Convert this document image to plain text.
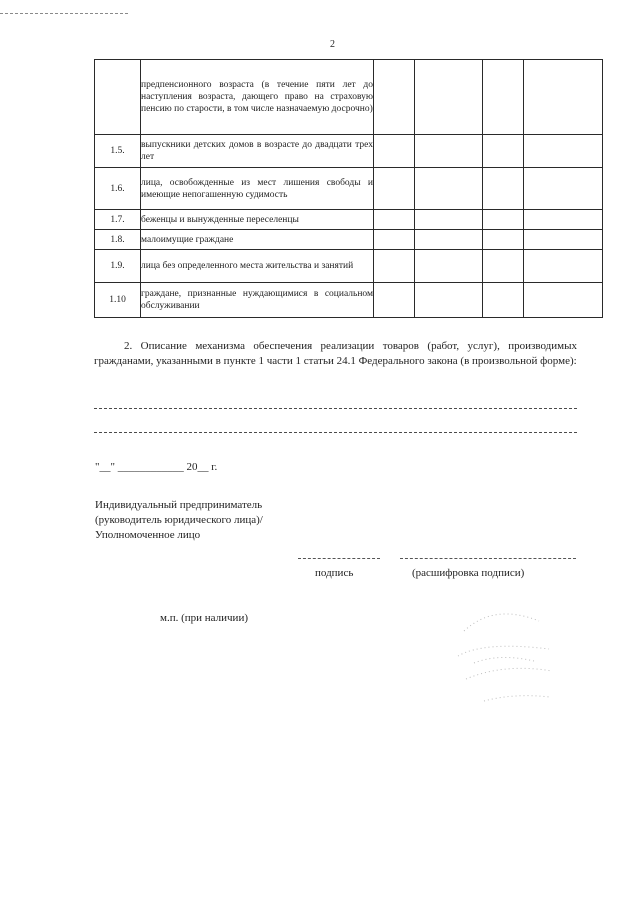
2
	предпенсионного возраста (в течение пяти лет до наступления возраста, дающего право на страховую пенсию по старости, в том числе назначаемую досрочно)				
1.5.	выпускники детских домов в возрасте до двадцати трех лет				
1.6.	лица, освобожденные из мест лишения свободы и имеющие непогашенную судимость				
1.7.	беженцы и вынужденные переселенцы				
1.8.	малоимущие граждане				
1.9.	лица без определенного места жительства и занятий				
1.10	граждане, признанные нуждающимися в социальном обслуживании				
2. Описание механизма обеспечения реализации товаров (работ, услуг), производимых гражданами, указанными в пункте 1 части 1 статьи 24.1 Федерального закона (в произвольной форме):
"__" ____________ 20__ г.
Индивидуальный предприниматель (руководитель юридического лица)/Уполномоченное лицо
подпись	(расшифровка подписи)
м.п. (при наличии)
